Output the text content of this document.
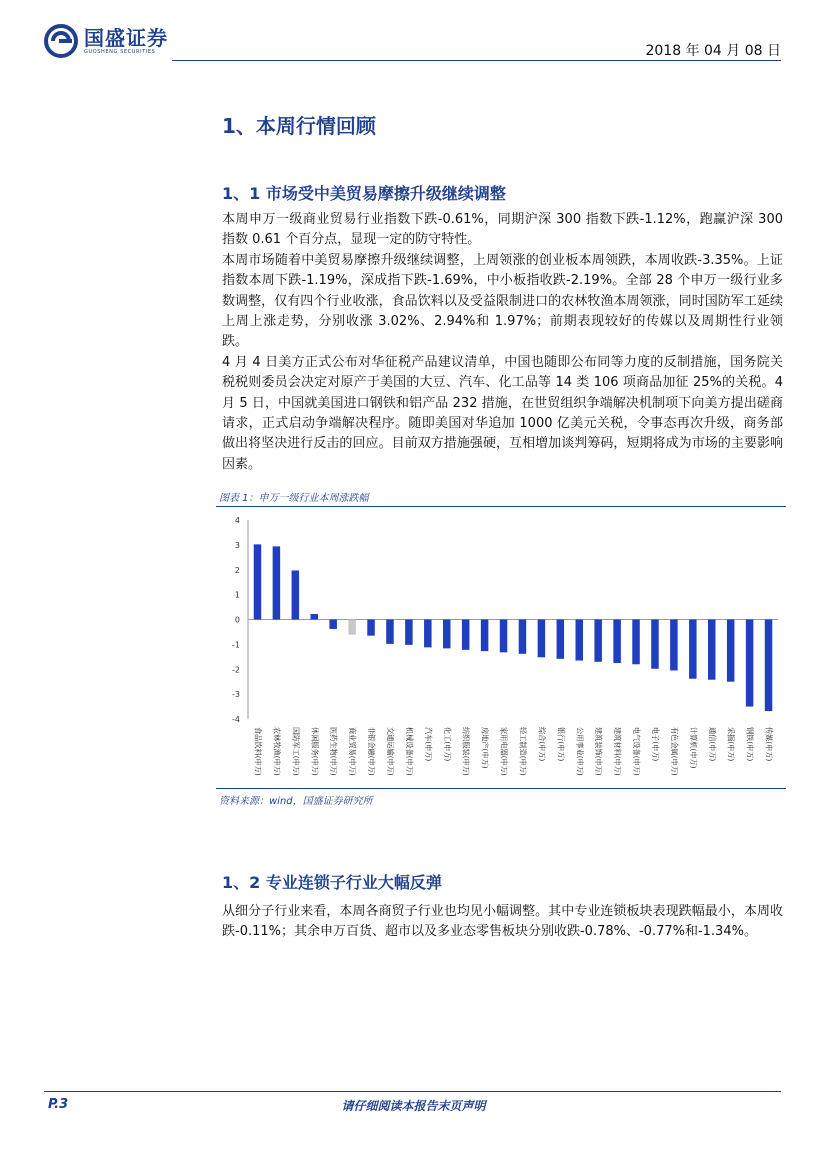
国盛证券
GUOSHENG SECURITIES	2018 年 04 月 08 日
1、本周行情回顾
1、1 市场受中美贸易摩擦升级继续调整

本周申万一级商业贸易行业指数下跌-0.61%，同期沪深 300 指数下跌-1.12%，跑赢沪深 300 指数 0.61 个百分点，显现一定的防守特性。

本周市场随着中美贸易摩擦升级继续调整，上周领涨的创业板本周领跌，本周收跌-3.35%。上证指数本周下跌-1.19%，深成指下跌-1.69%，中小板指收跌-2.19%。全部 28 个申万一级行业多数调整，仅有四个行业收涨，食品饮料以及受益限制进口的农林牧渔本周领涨，同时国防军工延续上周上涨走势，分别收涨 3.02%、2.94%和 1.97%；前期表现较好的传媒以及周期性行业领跌。

4 月 4 日美方正式公布对华征税产品建议清单，中国也随即公布同等力度的反制措施，国务院关税税则委员会决定对原产于美国的大豆、汽车、化工品等 14 类 106 项商品加征 25%的关税。4 月 5 日，中国就美国进口钢铁和铝产品 232 措施，在世贸组织争端解决机制项下向美方提出磋商请求，正式启动争端解决程序。随即美国对华追加 1000 亿美元关税，令事态再次升级，商务部做出将坚决进行反击的回应。目前双方措施强硬，互相增加谈判筹码，短期将成为市场的主要影响因素。

图表 1：申万一级行业本周涨跌幅
4
3
2
1
0
-1
-2
-3
-4
食品饮料(申万) 农林牧渔(申万) 国防军工(申万) 休闲服务(申万) 医药生物(申万) 商业贸易(申万) 非银金融(申万) 交通运输(申万) 机械设备(申万) 汽车(申万) 化工(申万) 纺织服装(申万) 房地产(申万) 家用电器(申万) 轻工制造(申万) 综合(申万) 银行(申万) 公用事业(申万) 建筑装饰(申万) 建筑材料(申万) 电气设备(申万) 电子(申万) 有色金属(申万) 计算机(申万) 通信(申万) 采掘(申万) 钢铁(申万) 传媒(申万)
资料来源：wind，国盛证券研究所
1、2 专业连锁子行业大幅反弹

从细分子行业来看，本周各商贸子行业也均见小幅调整。其中专业连锁板块表现跌幅最小，本周收跌-0.11%；其余申万百货、超市以及多业态零售板块分别收跌-0.78%、-0.77%和-1.34%。

P.3	请仔细阅读本报告末页声明
